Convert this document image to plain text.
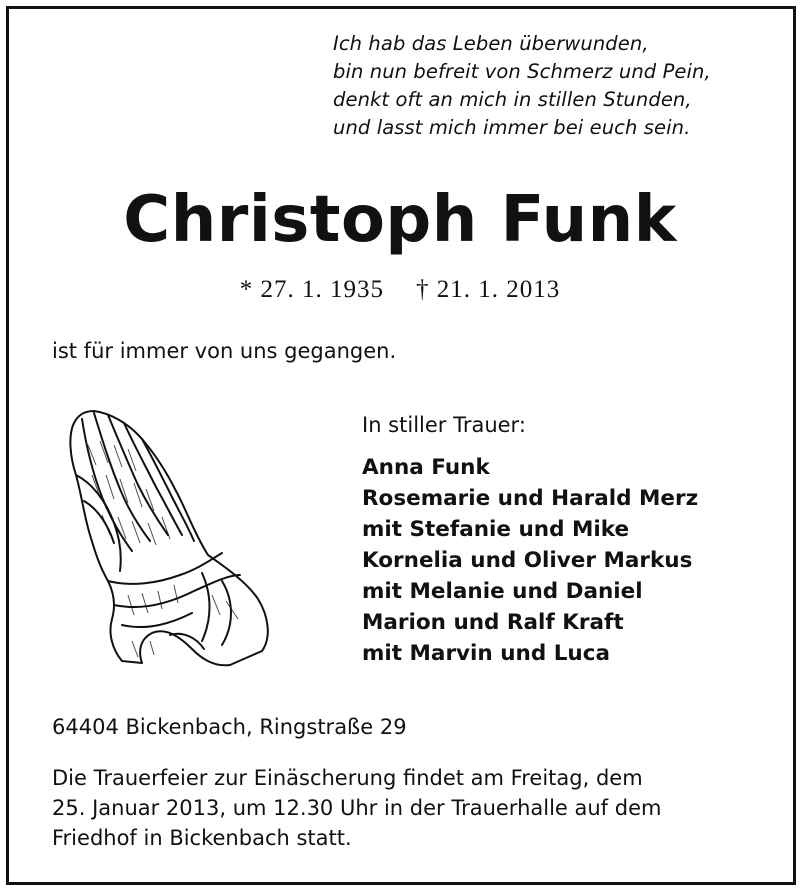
Ich hab das Leben überwunden,
bin nun befreit von Schmerz und Pein,
denkt oft an mich in stillen Stunden,
und lasst mich immer bei euch sein.
Christoph Funk
* 27. 1. 1935 † 21. 1. 2013
ist für immer von uns gegangen.
In stiller Trauer:
Anna Funk
Rosemarie und Harald Merz
mit Stefanie und Mike
Kornelia und Oliver Markus
mit Melanie und Daniel
Marion und Ralf Kraft
mit Marvin und Luca
64404 Bickenbach, Ringstraße 29
Die Trauerfeier zur Einäscherung findet am Freitag, dem
25. Januar 2013, um 12.30 Uhr in der Trauerhalle auf dem
Friedhof in Bickenbach statt.
